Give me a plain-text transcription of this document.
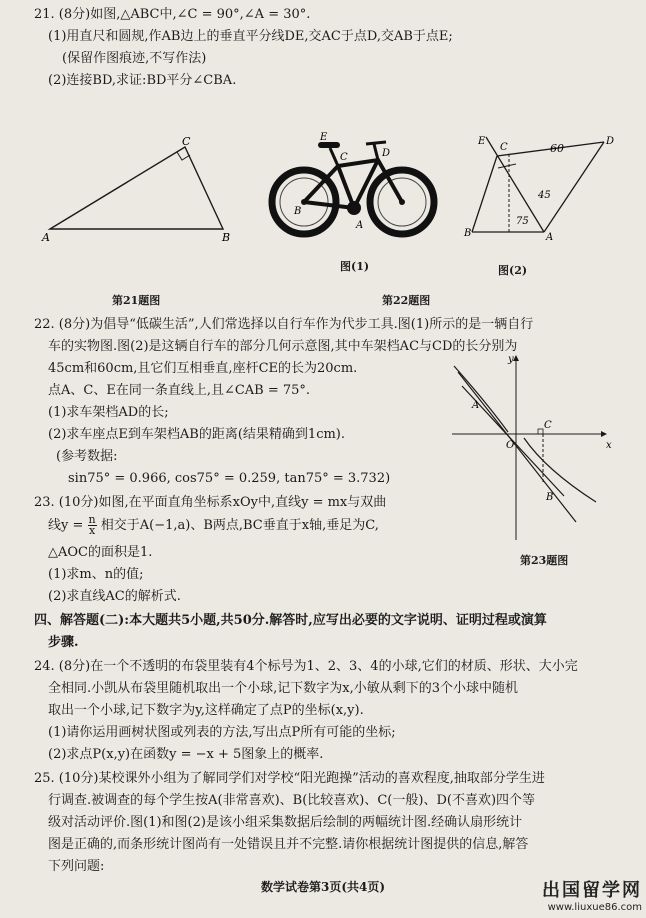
21. (8分)如图,△ABC中,∠C = 90°,∠A = 30°.
(1)用直尺和圆规,作AB边上的垂直平分线DE,交AC于点D,交AB于点E;
(保留作图痕迹,不写作法)
(2)连接BD,求证:BD平分∠CBA.
A	B
C
第21题图
E
C	D
B
A
图(1)
E
C
D
B	A
60
45
75
图(2)
第22题图
22. (8分)为倡导“低碳生活”,人们常选择以自行车作为代步工具.图(1)所示的是一辆自行
车的实物图.图(2)是这辆自行车的部分几何示意图,其中车架档AC与CD的长分别为
45cm和60cm,且它们互相垂直,座杆CE的长为20cm.
点A、C、E在同一条直线上,且∠CAB = 75°.
(1)求车架档AD的长;
(2)求车座点E到车架档AB的距离(结果精确到1cm).
(参考数据:
sin75° = 0.966, cos75° = 0.259, tan75° = 3.732)
y
x
O
A
B
C
第23题图
23. (10分)如图,在平面直角坐标系xOy中,直线y = mx与双曲
线$y = \frac{n}{x}$ 相交于A(−1,a)、B两点,BC垂直于x轴,垂足为C,
△AOC的面积是1.
(1)求m、n的值;
(2)求直线AC的解析式.
四、解答题(二):本大题共5小题,共50分.解答时,应写出必要的文字说明、证明过程或演算
步骤.
24. (8分)在一个不透明的布袋里装有4个标号为1、2、3、4的小球,它们的材质、形状、大小完
全相同.小凯从布袋里随机取出一个小球,记下数字为x,小敏从剩下的3个小球中随机
取出一个小球,记下数字为y,这样确定了点P的坐标(x,y).
(1)请你运用画树状图或列表的方法,写出点P所有可能的坐标;
(2)求点P(x,y)在函数y = −x + 5图象上的概率.
25. (10分)某校课外小组为了解同学们对学校“阳光跑操”活动的喜欢程度,抽取部分学生进
行调查.被调查的每个学生按A(非常喜欢)、B(比较喜欢)、C(一般)、D(不喜欢)四个等
级对活动评价.图(1)和图(2)是该小组采集数据后绘制的两幅统计图.经确认扇形统计
图是正确的,而条形统计图尚有一处错误且并不完整.请你根据统计图提供的信息,解答
下列问题:
数学试卷第3页(共4页)	出国留学网
www.liuxue86.com
